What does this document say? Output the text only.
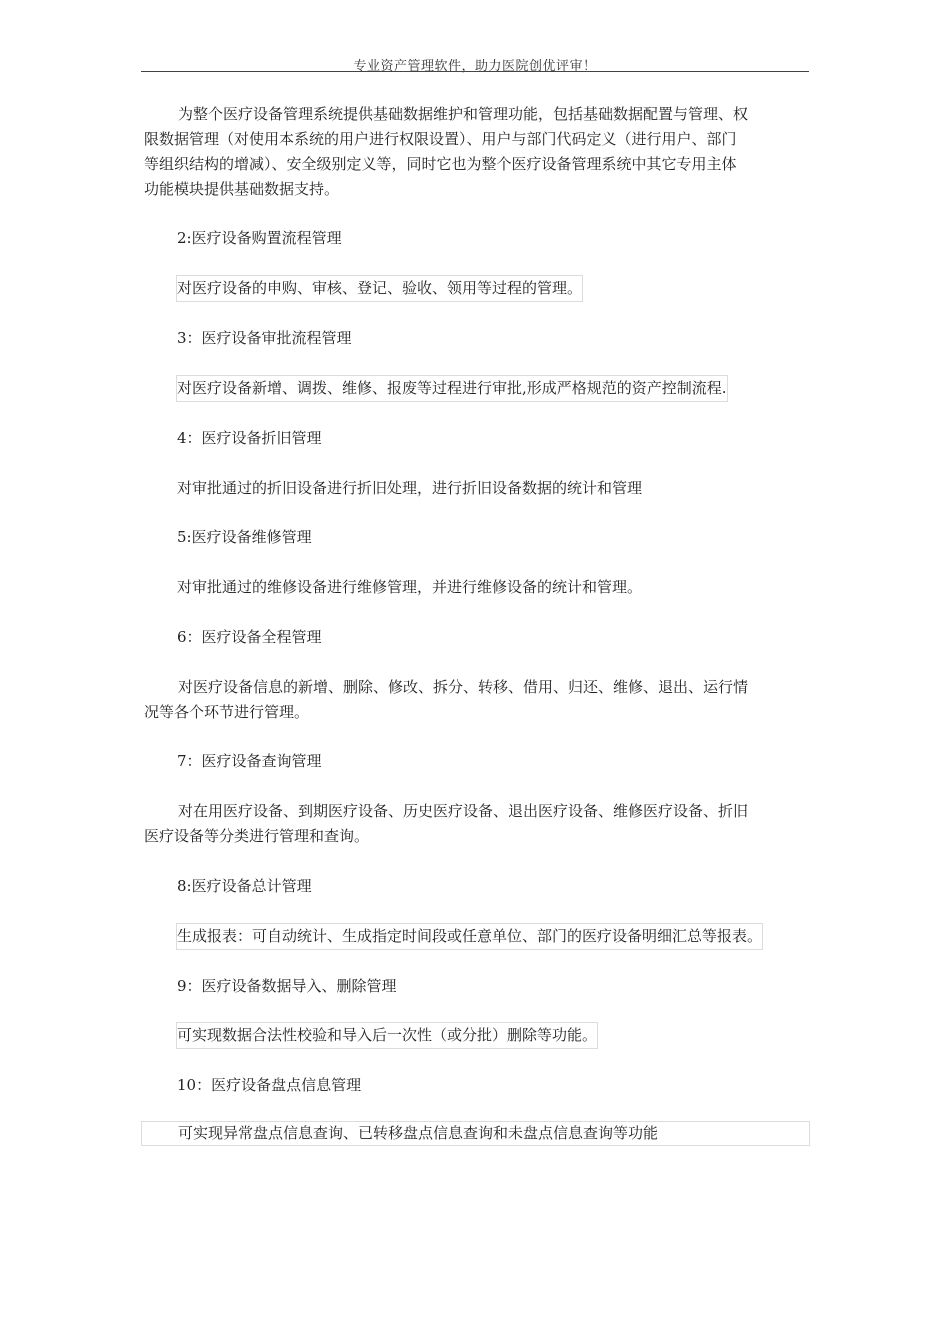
专业资产管理软件，助力医院创优评审！
为整个医疗设备管理系统提供基础数据维护和管理功能，包括基础数据配置与管理、权
限数据管理（对使用本系统的用户进行权限设置）、用户与部门代码定义（进行用户、部门
等组织结构的增减）、安全级别定义等，同时它也为整个医疗设备管理系统中其它专用主体
功能模块提供基础数据支持。
2:医疗设备购置流程管理
对医疗设备的申购、审核、登记、验收、领用等过程的管理。
3：医疗设备审批流程管理
对医疗设备新增、调拨、维修、报废等过程进行审批,形成严格规范的资产控制流程.
4：医疗设备折旧管理
对审批通过的折旧设备进行折旧处理，进行折旧设备数据的统计和管理
5:医疗设备维修管理
对审批通过的维修设备进行维修管理，并进行维修设备的统计和管理。
6：医疗设备全程管理
对医疗设备信息的新增、删除、修改、拆分、转移、借用、归还、维修、退出、运行情
况等各个环节进行管理。
7：医疗设备查询管理
对在用医疗设备、到期医疗设备、历史医疗设备、退出医疗设备、维修医疗设备、折旧
医疗设备等分类进行管理和查询。
8:医疗设备总计管理
生成报表：可自动统计、生成指定时间段或任意单位、部门的医疗设备明细汇总等报表。
9：医疗设备数据导入、删除管理
可实现数据合法性校验和导入后一次性（或分批）删除等功能。
10：医疗设备盘点信息管理
可实现异常盘点信息查询、已转移盘点信息查询和未盘点信息查询等功能
